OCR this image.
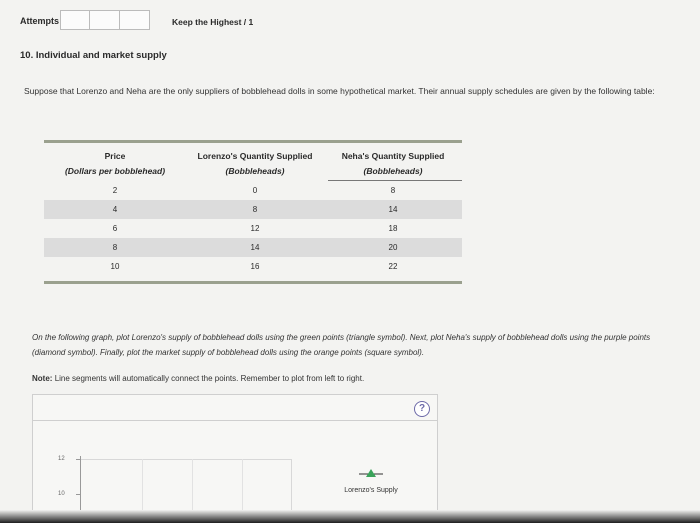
Attempts	Keep the Highest / 1
10. Individual and market supply
Suppose that Lorenzo and Neha are the only suppliers of bobblehead dolls in some hypothetical market. Their annual supply schedules are given by the following table:
Price
(Dollars per bobblehead)
Lorenzo's Quantity Supplied
(Bobbleheads)
Neha's Quantity Supplied
(Bobbleheads)
2	0	8
4	8	14
6	12	18
8	14	20
10	16	22
On the following graph, plot Lorenzo's supply of bobblehead dolls using the green points (triangle symbol). Next, plot Neha's supply of bobblehead dolls using the purple points (diamond symbol). Finally, plot the market supply of bobblehead dolls using the orange points (square symbol).
Note: Line segments will automatically connect the points. Remember to plot from left to right.
?
12
10	Lorenzo's Supply
